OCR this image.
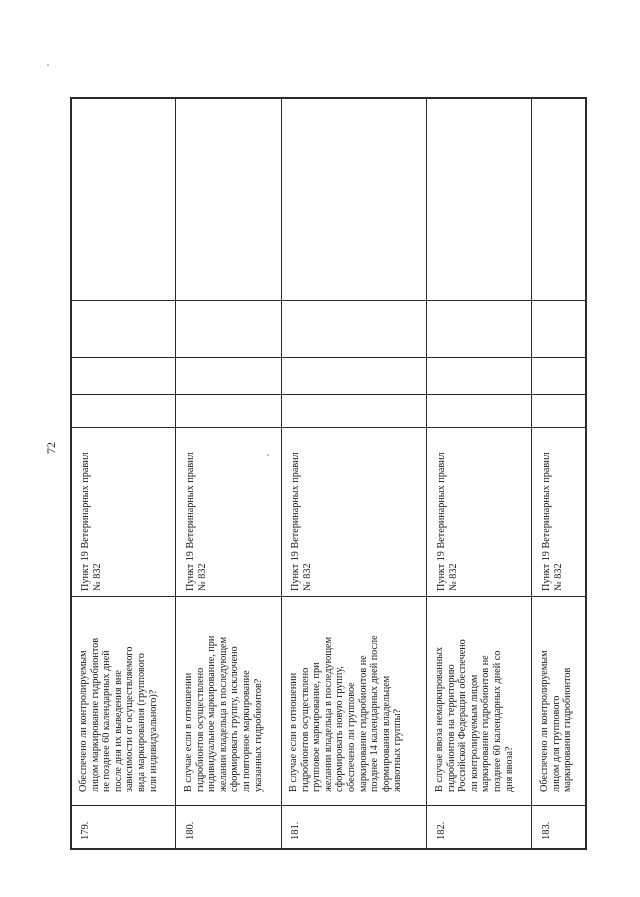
72
179.
Обеспечено ли контролируемым
лицом маркирование гидробионтов
не позднее 60 календарных дней
после дня их выведения вне
зависимости от осуществляемого
вида маркирования (группового
или индивидуального)?
Пункт 19 Ветеринарных правил
№ 832
180.
В случае если в отношении
гидробионтов осуществлено
индивидуальное маркирование, при
желании владельца в последующем
сформировать группу, исключено
ли повторное маркирование
указанных гидробионтов?
Пункт 19 Ветеринарных правил
№ 832
181.
В случае если в отношении
гидробионтов осуществлено
групповое маркирование, при
желании владельца в последующем
сформировать новую группу,
обеспечено ли групповое
маркирование гидробионтов не
позднее 14 календарных дней после
формирования владельцем
животных группы?
Пункт 19 Ветеринарных правил
№ 832
182.
В случае ввоза немаркированных
гидробионтов на территорию
Российской Федерации обеспечено
ли контролируемым лицом
маркирование гидробионтов не
позднее 60 календарных дней со
дня ввоза?
Пункт 19 Ветеринарных правил
№ 832
183.
Обеспечено ли контролируемым
лицом для группового
маркирования гидробионтов
Пункт 19 Ветеринарных правил
№ 832
